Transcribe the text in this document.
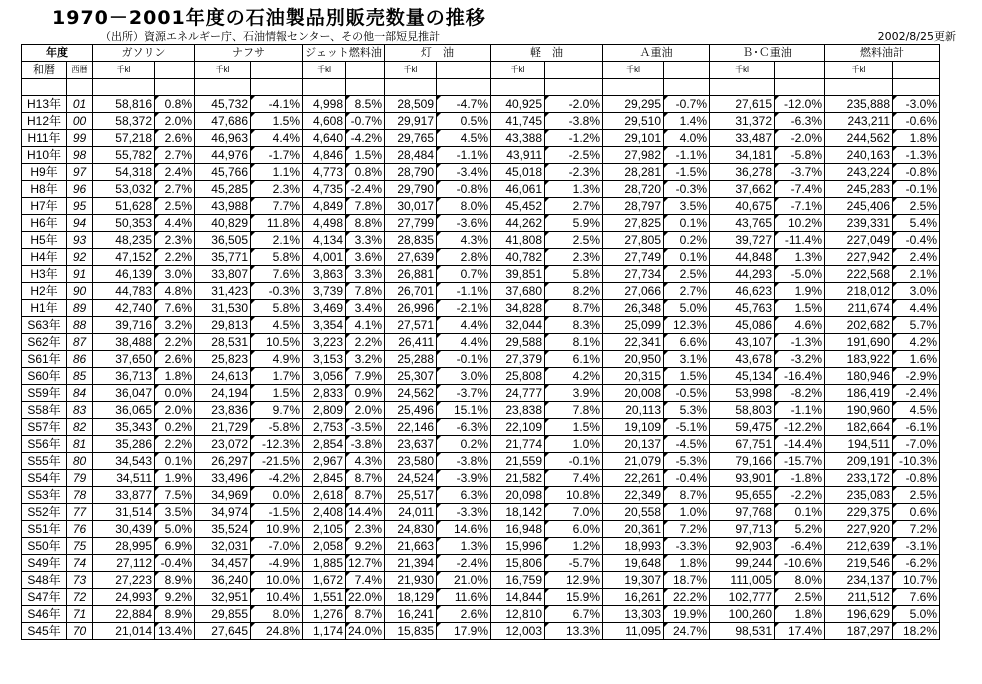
1970－2001年度の石油製品別販売数量の推移
（出所）資源エネルギー庁、石油情報センター、その他一部短見推計	2002/8/25更新
年度		ガソリン		ナフサ		ジェット燃料油		灯　油		軽　油		Ａ重油		Ｂ･Ｃ重油		燃料油計	
和暦	西暦	千kl		千kl		千kl		千kl		千kl		千kl		千kl		千kl	

H13年	01	58,816	0.8%	45,732	-4.1%	4,998	8.5%	28,509	-4.7%	40,925	-2.0%	29,295	-0.7%	27,615	-12.0%	235,888	-3.0%
H12年	00	58,372	2.0%	47,686	1.5%	4,608	-0.7%	29,917	0.5%	41,745	-3.8%	29,510	1.4%	31,372	-6.3%	243,211	-0.6%
H11年	99	57,218	2.6%	46,963	4.4%	4,640	-4.2%	29,765	4.5%	43,388	-1.2%	29,101	4.0%	33,487	-2.0%	244,562	1.8%
H10年	98	55,782	2.7%	44,976	-1.7%	4,846	1.5%	28,484	-1.1%	43,911	-2.5%	27,982	-1.1%	34,181	-5.8%	240,163	-1.3%
H9年	97	54,318	2.4%	45,766	1.1%	4,773	0.8%	28,790	-3.4%	45,018	-2.3%	28,281	-1.5%	36,278	-3.7%	243,224	-0.8%
H8年	96	53,032	2.7%	45,285	2.3%	4,735	-2.4%	29,790	-0.8%	46,061	1.3%	28,720	-0.3%	37,662	-7.4%	245,283	-0.1%
H7年	95	51,628	2.5%	43,988	7.7%	4,849	7.8%	30,017	8.0%	45,452	2.7%	28,797	3.5%	40,675	-7.1%	245,406	2.5%
H6年	94	50,353	4.4%	40,829	11.8%	4,498	8.8%	27,799	-3.6%	44,262	5.9%	27,825	0.1%	43,765	10.2%	239,331	5.4%
H5年	93	48,235	2.3%	36,505	2.1%	4,134	3.3%	28,835	4.3%	41,808	2.5%	27,805	0.2%	39,727	-11.4%	227,049	-0.4%
H4年	92	47,152	2.2%	35,771	5.8%	4,001	3.6%	27,639	2.8%	40,782	2.3%	27,749	0.1%	44,848	1.3%	227,942	2.4%
H3年	91	46,139	3.0%	33,807	7.6%	3,863	3.3%	26,881	0.7%	39,851	5.8%	27,734	2.5%	44,293	-5.0%	222,568	2.1%
H2年	90	44,783	4.8%	31,423	-0.3%	3,739	7.8%	26,701	-1.1%	37,680	8.2%	27,066	2.7%	46,623	1.9%	218,012	3.0%
H1年	89	42,740	7.6%	31,530	5.8%	3,469	3.4%	26,996	-2.1%	34,828	8.7%	26,348	5.0%	45,763	1.5%	211,674	4.4%
S63年	88	39,716	3.2%	29,813	4.5%	3,354	4.1%	27,571	4.4%	32,044	8.3%	25,099	12.3%	45,086	4.6%	202,682	5.7%
S62年	87	38,488	2.2%	28,531	10.5%	3,223	2.2%	26,411	4.4%	29,588	8.1%	22,341	6.6%	43,107	-1.3%	191,690	4.2%
S61年	86	37,650	2.6%	25,823	4.9%	3,153	3.2%	25,288	-0.1%	27,379	6.1%	20,950	3.1%	43,678	-3.2%	183,922	1.6%
S60年	85	36,713	1.8%	24,613	1.7%	3,056	7.9%	25,307	3.0%	25,808	4.2%	20,315	1.5%	45,134	-16.4%	180,946	-2.9%
S59年	84	36,047	0.0%	24,194	1.5%	2,833	0.9%	24,562	-3.7%	24,777	3.9%	20,008	-0.5%	53,998	-8.2%	186,419	-2.4%
S58年	83	36,065	2.0%	23,836	9.7%	2,809	2.0%	25,496	15.1%	23,838	7.8%	20,113	5.3%	58,803	-1.1%	190,960	4.5%
S57年	82	35,343	0.2%	21,729	-5.8%	2,753	-3.5%	22,146	-6.3%	22,109	1.5%	19,109	-5.1%	59,475	-12.2%	182,664	-6.1%
S56年	81	35,286	2.2%	23,072	-12.3%	2,854	-3.8%	23,637	0.2%	21,774	1.0%	20,137	-4.5%	67,751	-14.4%	194,511	-7.0%
S55年	80	34,543	0.1%	26,297	-21.5%	2,967	4.3%	23,580	-3.8%	21,559	-0.1%	21,079	-5.3%	79,166	-15.7%	209,191	-10.3%
S54年	79	34,511	1.9%	33,496	-4.2%	2,845	8.7%	24,524	-3.9%	21,582	7.4%	22,261	-0.4%	93,901	-1.8%	233,172	-0.8%
S53年	78	33,877	7.5%	34,969	0.0%	2,618	8.7%	25,517	6.3%	20,098	10.8%	22,349	8.7%	95,655	-2.2%	235,083	2.5%
S52年	77	31,514	3.5%	34,974	-1.5%	2,408	14.4%	24,011	-3.3%	18,142	7.0%	20,558	1.0%	97,768	0.1%	229,375	0.6%
S51年	76	30,439	5.0%	35,524	10.9%	2,105	2.3%	24,830	14.6%	16,948	6.0%	20,361	7.2%	97,713	5.2%	227,920	7.2%
S50年	75	28,995	6.9%	32,031	-7.0%	2,058	9.2%	21,663	1.3%	15,996	1.2%	18,993	-3.3%	92,903	-6.4%	212,639	-3.1%
S49年	74	27,112	-0.4%	34,457	-4.9%	1,885	12.7%	21,394	-2.4%	15,806	-5.7%	19,648	1.8%	99,244	-10.6%	219,546	-6.2%
S48年	73	27,223	8.9%	36,240	10.0%	1,672	7.4%	21,930	21.0%	16,759	12.9%	19,307	18.7%	111,005	8.0%	234,137	10.7%
S47年	72	24,993	9.2%	32,951	10.4%	1,551	22.0%	18,129	11.6%	14,844	15.9%	16,261	22.2%	102,777	2.5%	211,512	7.6%
S46年	71	22,884	8.9%	29,855	8.0%	1,276	8.7%	16,241	2.6%	12,810	6.7%	13,303	19.9%	100,260	1.8%	196,629	5.0%
S45年	70	21,014	13.4%	27,645	24.8%	1,174	24.0%	15,835	17.9%	12,003	13.3%	11,095	24.7%	98,531	17.4%	187,297	18.2%
